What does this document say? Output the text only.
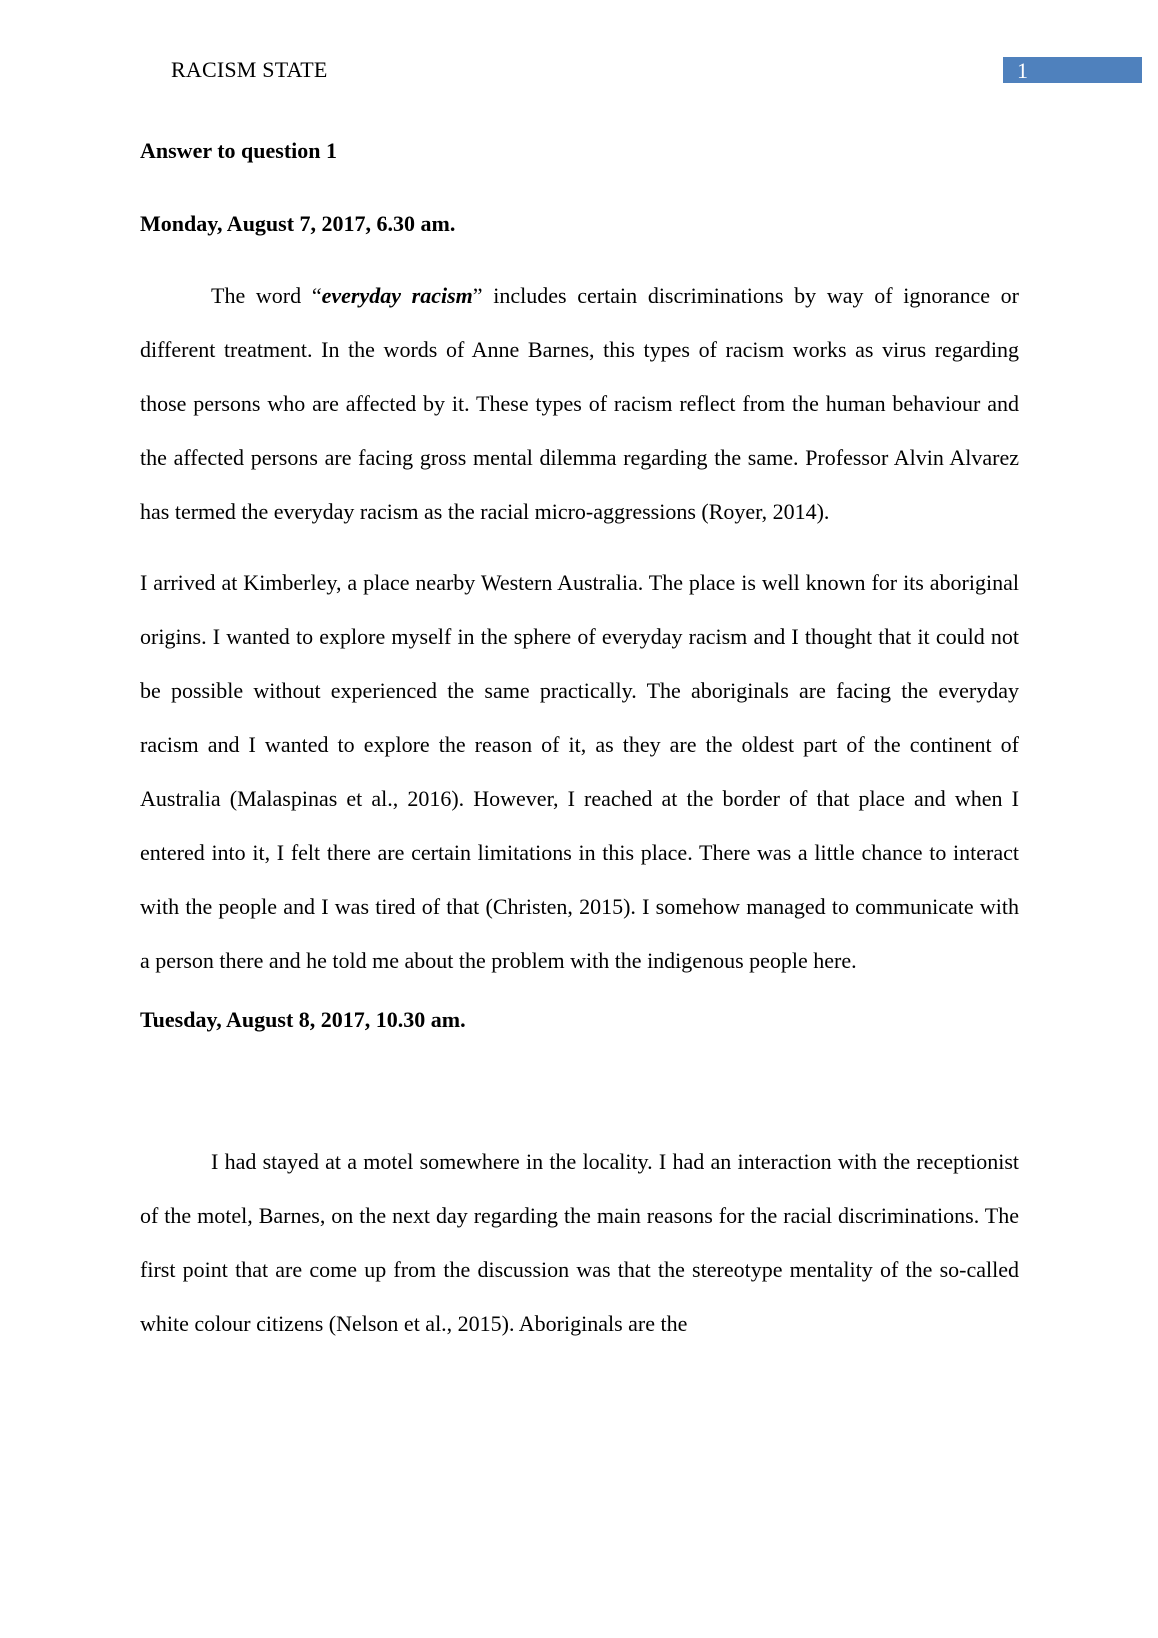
RACISM STATE	1

Answer to question 1

Monday, August 7, 2017, 6.30 am.

The word “everyday racism” includes certain discriminations by way of ignorance or different treatment. In the words of Anne Barnes, this types of racism works as virus regarding those persons who are affected by it. These types of racism reflect from the human behaviour and the affected persons are facing gross mental dilemma regarding the same. Professor Alvin Alvarez has termed the everyday racism as the racial micro-aggressions (Royer, 2014).

I arrived at Kimberley, a place nearby Western Australia. The place is well known for its aboriginal origins. I wanted to explore myself in the sphere of everyday racism and I thought that it could not be possible without experienced the same practically. The aboriginals are facing the everyday racism and I wanted to explore the reason of it, as they are the oldest part of the continent of Australia (Malaspinas et al., 2016). However, I reached at the border of that place and when I entered into it, I felt there are certain limitations in this place. There was a little chance to interact with the people and I was tired of that (Christen, 2015). I somehow managed to communicate with a person there and he told me about the problem with the indigenous people here.

Tuesday, August 8, 2017, 10.30 am.

I had stayed at a motel somewhere in the locality. I had an interaction with the receptionist of the motel, Barnes, on the next day regarding the main reasons for the racial discriminations. The first point that are come up from the discussion was that the stereotype mentality of the so-called white colour citizens (Nelson et al., 2015). Aboriginals are the
